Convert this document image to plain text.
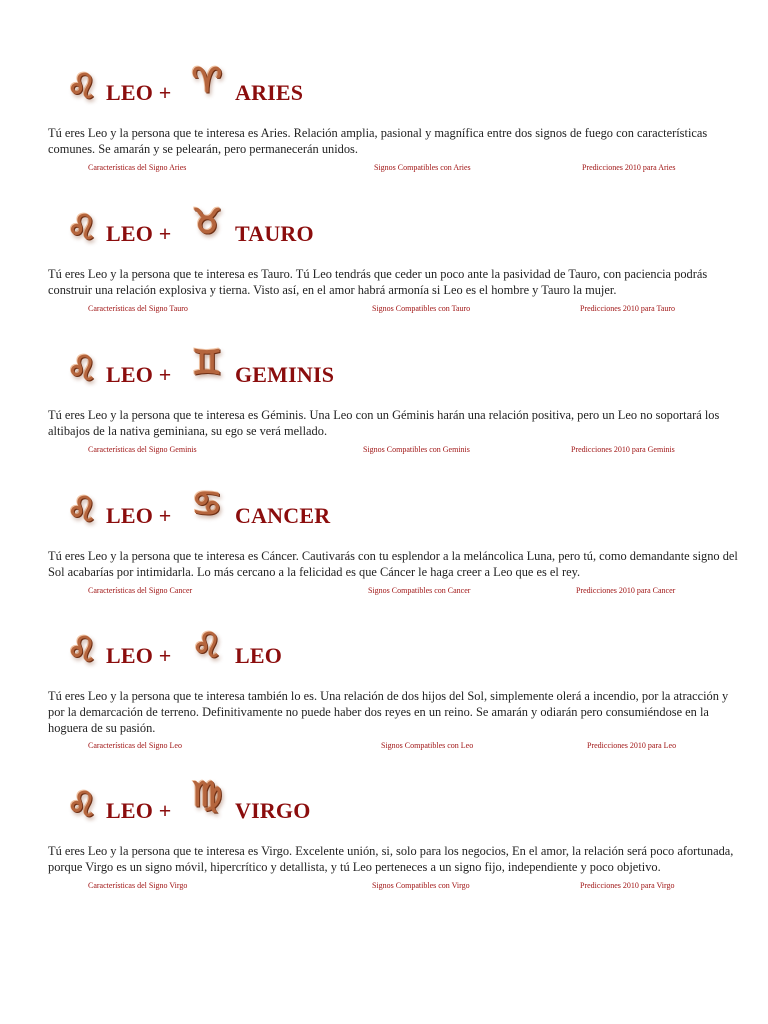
♌︎ LEO + ♈︎ ARIES
Tú eres Leo y la persona que te interesa es Aries. Relación amplia, pasional y magnífica entre dos signos de fuego con características comunes. Se amarán y se pelearán, pero permanecerán unidos.
Características del Signo Aries	Signos Compatibles con Aries	Predicciones 2010 para Aries
♌︎ LEO + ♉︎ TAURO
Tú eres Leo y la persona que te interesa es Tauro. Tú Leo tendrás que ceder un poco ante la pasividad de Tauro, con paciencia podrás construir una relación explosiva y tierna. Visto así, en el amor habrá armonía si Leo es el hombre y Tauro la mujer.
Características del Signo Tauro	Signos Compatibles con Tauro	Predicciones 2010 para Tauro
♌︎ LEO + ♊︎ GEMINIS
Tú eres Leo y la persona que te interesa es Géminis. Una Leo con un Géminis harán una relación positiva, pero un Leo no soportará los altibajos de la nativa geminiana, su ego se verá mellado.
Características del Signo Geminis	Signos Compatibles con Geminis	Predicciones 2010 para Geminis
♌︎ LEO + ♋︎ CANCER
Tú eres Leo y la persona que te interesa es Cáncer. Cautivarás con tu esplendor a la meláncolica Luna, pero tú, como demandante signo del Sol acabarías por intimidarla. Lo más cercano a la felicidad es que Cáncer le haga creer a Leo que es el rey.
Características del Signo Cancer	Signos Compatibles con Cancer	Predicciones 2010 para Cancer
♌︎ LEO + ♌︎ LEO
Tú eres Leo y la persona que te interesa también lo es. Una relación de dos hijos del Sol, simplemente olerá a incendio, por la atracción y por la demarcación de terreno. Definitivamente no puede haber dos reyes en un reino. Se amarán y odiarán pero consumiéndose en la hoguera de su pasión.
Características del Signo Leo	Signos Compatibles con Leo	Predicciones 2010 para Leo
♌︎ LEO + ♍︎ VIRGO
Tú eres Leo y la persona que te interesa es Virgo. Excelente unión, si, solo para los negocios, En el amor, la relación será poco afortunada, porque Virgo es un signo móvil, hipercrítico y detallista, y tú Leo perteneces a un signo fijo, independiente y poco objetivo.
Características del Signo Virgo	Signos Compatibles con Virgo	Predicciones 2010 para Virgo
